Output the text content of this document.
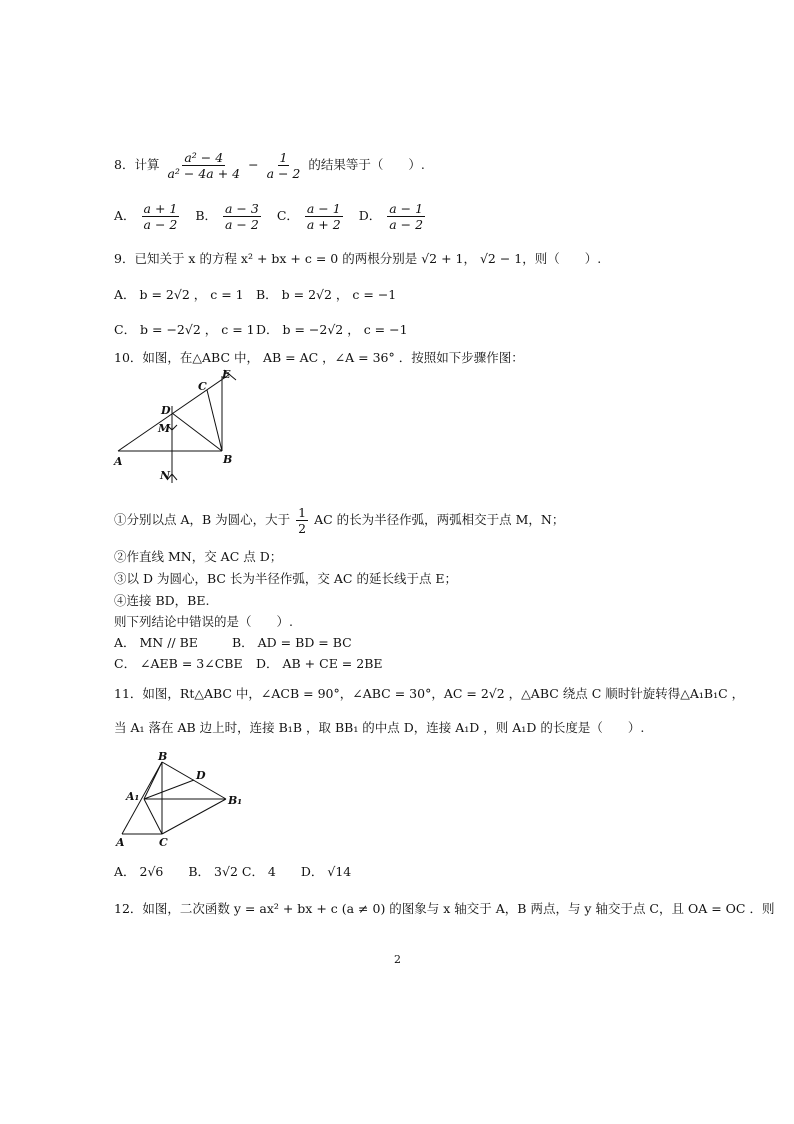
8．计算 $\frac{\text{a² − 4}}{\text{a² − 4a + 4}} - \frac{1}{a - 2}$ 的结果等于（　　）.
A． $\frac{a + 1}{a - 2}$ B． $\frac{a - 3}{a - 2}$ C． $\frac{a - 1}{a + 2}$ D． $\frac{a - 1}{a - 2}$
9．已知关于 x 的方程 x² + bx + c = 0 的两根分别是 √2 + 1， √2 − 1，则（　　）.
A． b = 2√2 ， c = 1 B． b = 2√2 ， c = −1
C． b = −2√2 ， c = 1 D． b = −2√2 ， c = −1
10．如图，在△ABC 中， AB = AC ，∠A = 36° ．按照如下步骤作图：
E
C
D
M
A	B
N
①分别以点 A，B 为圆心，大于 $\frac{1}{2}$ AC 的长为半径作弧，两弧相交于点 M，N；
②作直线 MN，交 AC 点 D；
③以 D 为圆心，BC 长为半径作弧，交 AC 的延长线于点 E；
④连接 BD，BE.
则下列结论中错误的是（　　）.
A． MN // BE	B． AD = BD = BC
C． ∠AEB = 3∠CBE D． AB + CE = 2BE
11．如图，Rt△ABC 中，∠ACB = 90°，∠ABC = 30°，AC = 2√2 ，△ABC 绕点 C 顺时针旋转得△A₁B₁C ，
当 A₁ 落在 AB 边上时，连接 B₁B ，取 BB₁ 的中点 D，连接 A₁D ，则 A₁D 的长度是（　　）.
B
D
A₁	B₁
A	C
A． 2√6　　B． 3√2 C． 4　　D． √14
12．如图，二次函数 y = ax² + bx + c (a ≠ 0) 的图象与 x 轴交于 A，B 两点，与 y 轴交于点 C，且 OA = OC ．则
2
